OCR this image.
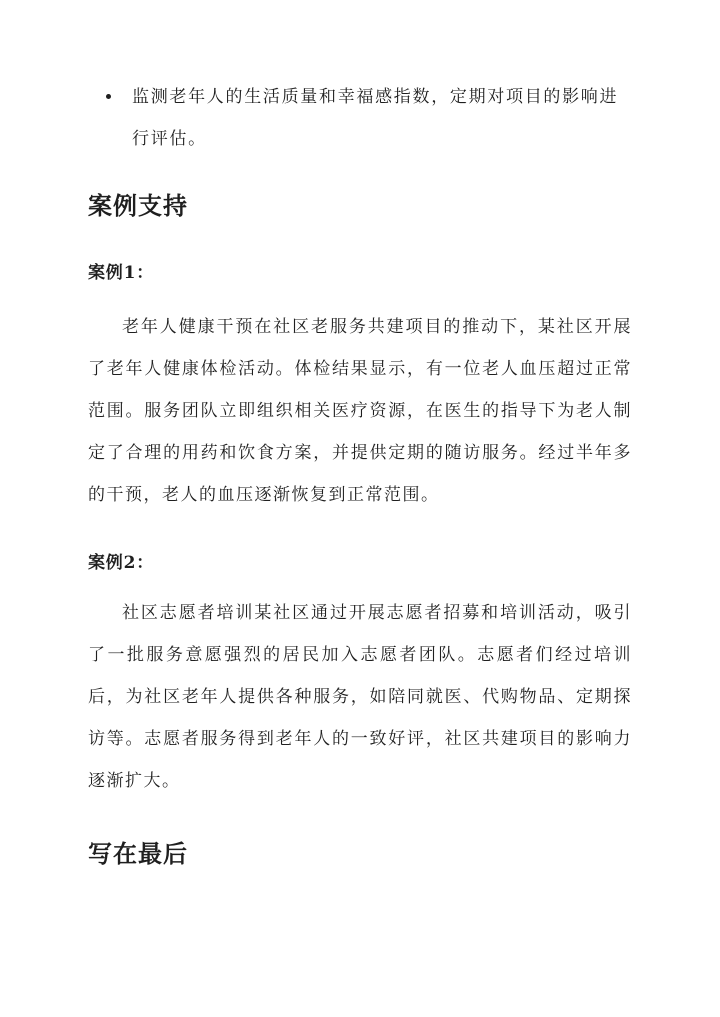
监测老年人的生活质量和幸福感指数，定期对项目的影响进行评估。

案例支持
案例1：

老年人健康干预在社区老服务共建项目的推动下，某社区开展了老年人健康体检活动。体检结果显示，有一位老人血压超过正常范围。服务团队立即组织相关医疗资源，在医生的指导下为老人制定了合理的用药和饮食方案，并提供定期的随访服务。经过半年多的干预，老人的血压逐渐恢复到正常范围。

案例2：

社区志愿者培训某社区通过开展志愿者招募和培训活动，吸引了一批服务意愿强烈的居民加入志愿者团队。志愿者们经过培训后，为社区老年人提供各种服务，如陪同就医、代购物品、定期探访等。志愿者服务得到老年人的一致好评，社区共建项目的影响力逐渐扩大。

写在最后
